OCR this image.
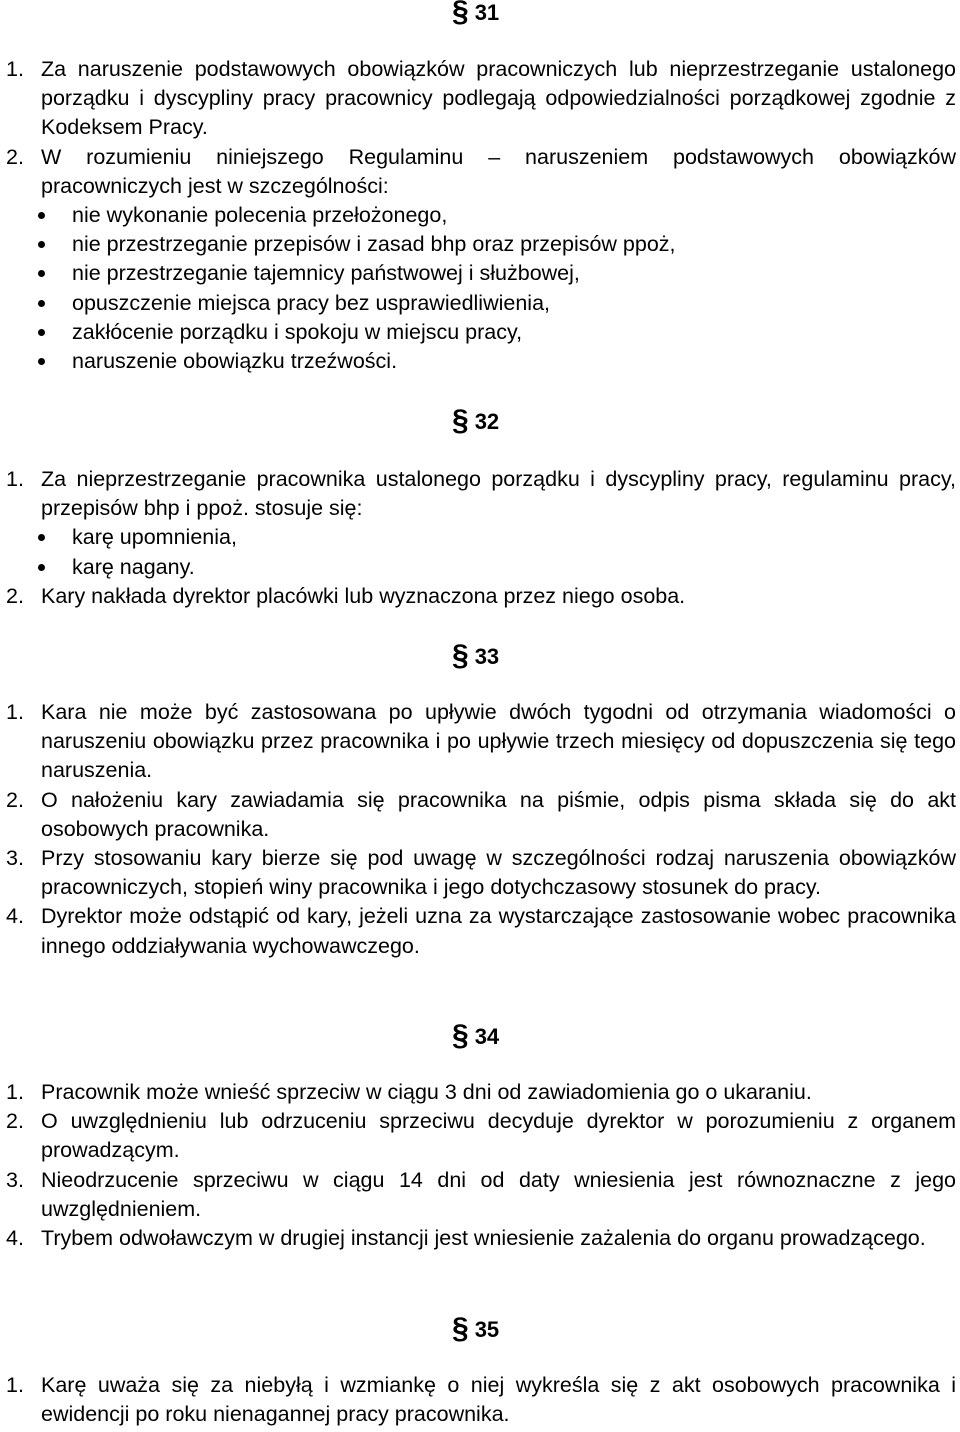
§ 31
1. Za naruszenie podstawowych obowiązków pracowniczych lub nieprzestrzeganie ustalonego porządku i dyscypliny pracy pracownicy podlegają odpowiedzialności porządkowej zgodnie z Kodeksem Pracy.
2. W rozumieniu niniejszego Regulaminu – naruszeniem podstawowych obowiązków pracowniczych jest w szczególności:
nie wykonanie polecenia przełożonego,
nie przestrzeganie przepisów i zasad bhp oraz przepisów ppoż,
nie przestrzeganie tajemnicy państwowej i służbowej,
opuszczenie miejsca pracy bez usprawiedliwienia,
zakłócenie porządku i spokoju w miejscu pracy,
naruszenie obowiązku trzeźwości.
§ 32
1. Za nieprzestrzeganie pracownika ustalonego porządku i dyscypliny pracy, regulaminu pracy, przepisów bhp i ppoż. stosuje się:
karę upomnienia,
karę nagany.
2. Kary nakłada dyrektor placówki lub wyznaczona przez niego osoba.
§ 33
1. Kara nie może być zastosowana po upływie dwóch tygodni od otrzymania wiadomości o naruszeniu obowiązku przez pracownika i po upływie trzech miesięcy od dopuszczenia się tego naruszenia.
2. O nałożeniu kary zawiadamia się pracownika na piśmie, odpis pisma składa się do akt osobowych pracownika.
3. Przy stosowaniu kary bierze się pod uwagę w szczególności rodzaj naruszenia obowiązków pracowniczych, stopień winy pracownika i jego dotychczasowy stosunek do pracy.
4. Dyrektor może odstąpić od kary, jeżeli uzna za wystarczające zastosowanie wobec pracownika innego oddziaływania wychowawczego.
§ 34
1. Pracownik może wnieść sprzeciw w ciągu 3 dni od zawiadomienia go o ukaraniu.
2. O uwzględnieniu lub odrzuceniu sprzeciwu decyduje dyrektor w porozumieniu z organem prowadzącym.
3. Nieodrzucenie sprzeciwu w ciągu 14 dni od daty wniesienia jest równoznaczne z jego uwzględnieniem.
4. Trybem odwoławczym w drugiej instancji jest wniesienie zażalenia do organu prowadzącego.
§ 35
1. Karę uważa się za niebyłą i wzmiankę o niej wykreśla się z akt osobowych pracownika i ewidencji po roku nienagannej pracy pracownika.
